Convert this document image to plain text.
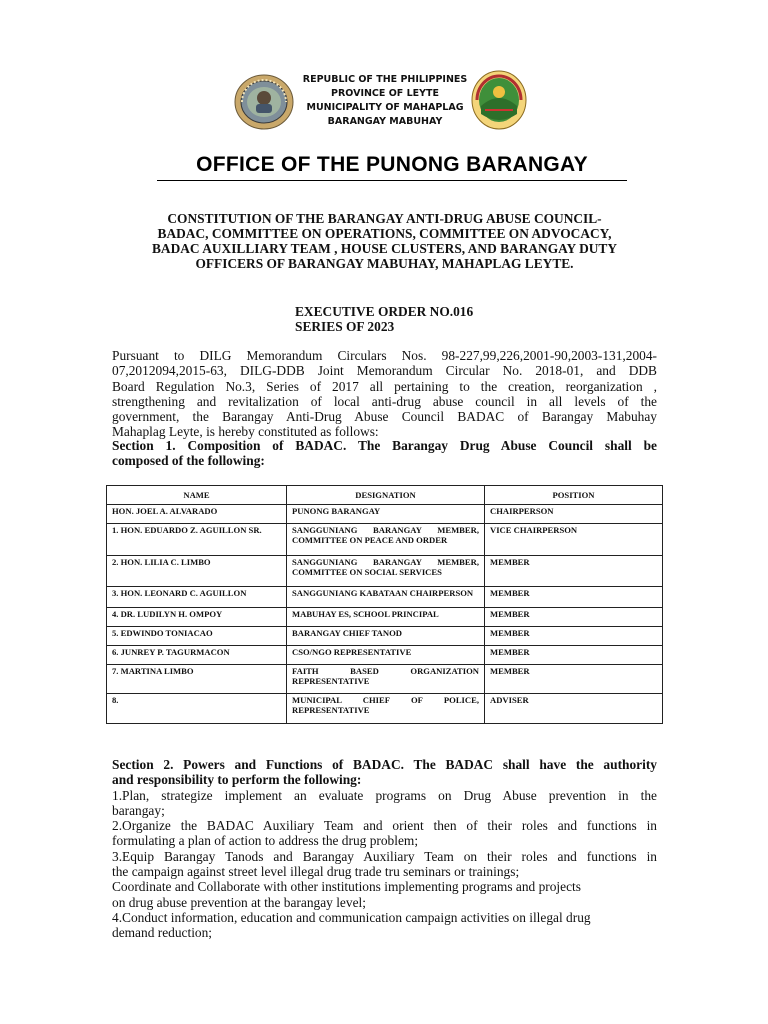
REPUBLIC OF THE PHILIPPINES
PROVINCE OF LEYTE
MUNICIPALITY OF MAHAPLAG
BARANGAY MABUHAY
OFFICE OF THE PUNONG BARANGAY
CONSTITUTION OF THE BARANGAY ANTI-DRUG ABUSE COUNCIL-
BADAC, COMMITTEE ON OPERATIONS, COMMITTEE ON ADVOCACY,
BADAC AUXILLIARY TEAM , HOUSE CLUSTERS, AND BARANGAY DUTY
OFFICERS OF BARANGAY MABUHAY, MAHAPLAG LEYTE.
EXECUTIVE ORDER NO.016
SERIES OF 2023
Pursuant to DILG Memorandum Circulars Nos. 98-227,99,226,2001-90,2003-131,2004-
07,2012094,2015-63, DILG-DDB Joint Memorandum Circular No. 2018-01, and DDB
Board Regulation No.3, Series of 2017 all pertaining to the creation, reorganization ,
strengthening and revitalization of local anti-drug abuse council in all levels of the
government, the Barangay Anti-Drug Abuse Council BADAC of Barangay Mabuhay
Mahaplag Leyte, is hereby constituted as follows:
Section 1. Composition of BADAC. The Barangay Drug Abuse Council shall be
composed of the following:
NAME	DESIGNATION	POSITION
HON. JOEL A. ALVARADO	PUNONG BARANGAY	CHAIRPERSON
1. HON. EDUARDO Z. AGUILLON SR.	SANGGUNIANG BARANGAY MEMBER, COMMITTEE ON PEACE AND ORDER	VICE CHAIRPERSON
2. HON. LILIA C. LIMBO	SANGGUNIANG BARANGAY MEMBER, COMMITTEE ON SOCIAL SERVICES	MEMBER
3. HON. LEONARD C. AGUILLON	SANGGUNIANG KABATAAN CHAIRPERSON	MEMBER
4. DR. LUDILYN H. OMPOY	MABUHAY ES, SCHOOL PRINCIPAL	MEMBER
5. EDWINDO TONIACAO	BARANGAY CHIEF TANOD	MEMBER
6. JUNREY P. TAGURMACON	CSO/NGO REPRESENTATIVE	MEMBER
7. MARTINA LIMBO	FAITH BASED ORGANIZATION REPRESENTATIVE	MEMBER
8.	MUNICIPAL CHIEF OF POLICE, REPRESENTATIVE	ADVISER
Section 2. Powers and Functions of BADAC. The BADAC shall have the authority
and responsibility to perform the following:
1.Plan, strategize implement an evaluate programs on Drug Abuse prevention in the
barangay;
2.Organize the BADAC Auxiliary Team and orient then of their roles and functions in
formulating a plan of action to address the drug problem;
3.Equip Barangay Tanods and Barangay Auxiliary Team on their roles and functions in
the campaign against street level illegal drug trade tru seminars or trainings;
Coordinate and Collaborate with other institutions implementing programs and projects
on drug abuse prevention at the barangay level;
4.Conduct information, education and communication campaign activities on illegal drug
demand reduction;
